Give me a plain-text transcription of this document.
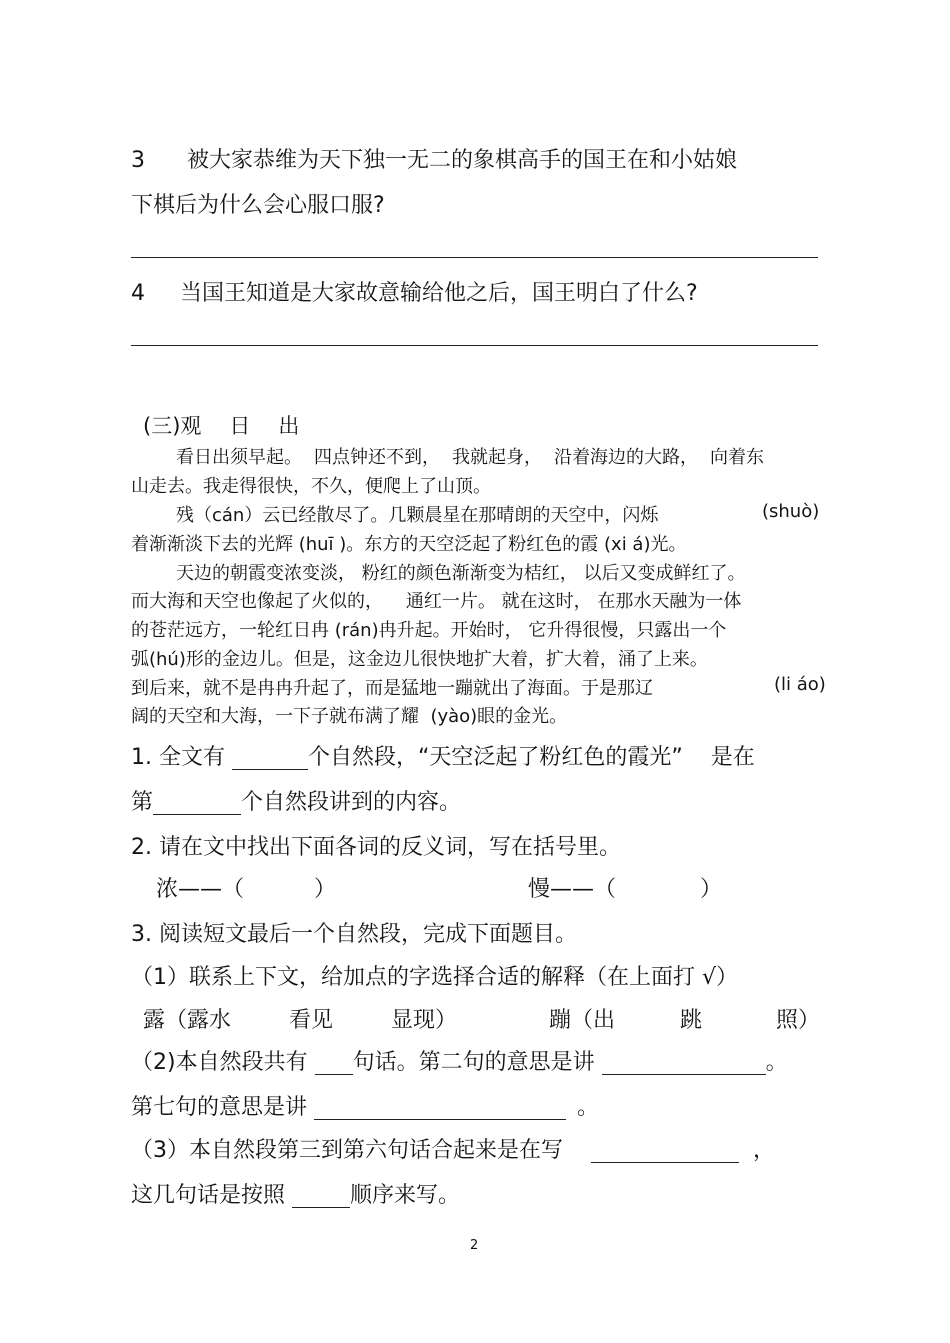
3 被大家恭维为天下独一无二的象棋高手的国王在和小姑娘
下棋后为什么会心服口服?
4 当国王知道是大家故意输给他之后，国王明白了什么?
(三)观 日 出
看日出须早起。 四点钟还不到， 我就起身， 沿着海边的大路， 向着东
山走去。我走得很快，不久，便爬上了山顶。
残（cán）云已经散尽了。几颗晨星在那晴朗的天空中，闪烁	(shuò)
着渐渐淡下去的光辉 (huī )。东方的天空泛起了粉红色的霞 (xi á)光。
天边的朝霞变浓变淡， 粉红的颜色渐渐变为桔红， 以后又变成鲜红了。
而大海和天空也像起了火似的，    通红一片。 就在这时， 在那水天融为一体
的苍茫远方，一轮红日冉 (rán)冉升起。开始时， 它升得很慢，只露出一个
弧(hú)形的金边儿。但是，这金边儿很快地扩大着，扩大着，涌了上来。
到后来，就不是冉冉升起了，而是猛地一蹦就出了海面。于是那辽	(li áo)
阔的天空和大海，一下子就布满了耀  (yào)眼的金光。
1. 全文有	个自然段，“天空泛起了粉红色的霞光” 是在
第	个自然段讲到的内容。
2. 请在文中找出下面各词的反义词，写在括号里。
浓——（	）	慢——（	）
3. 阅读短文最后一个自然段，完成下面题目。
（1）联系上下文，给加点的字选择合适的解释（在上面打 √）
露（露水	看见	显现）	蹦（出	跳	照）
（2)本自然段共有 句话。第二句的意思是讲	。
第七句的意思是讲	。
（3）本自然段第三到第六句话合起来是在写	，
这几句话是按照	顺序来写。
2
